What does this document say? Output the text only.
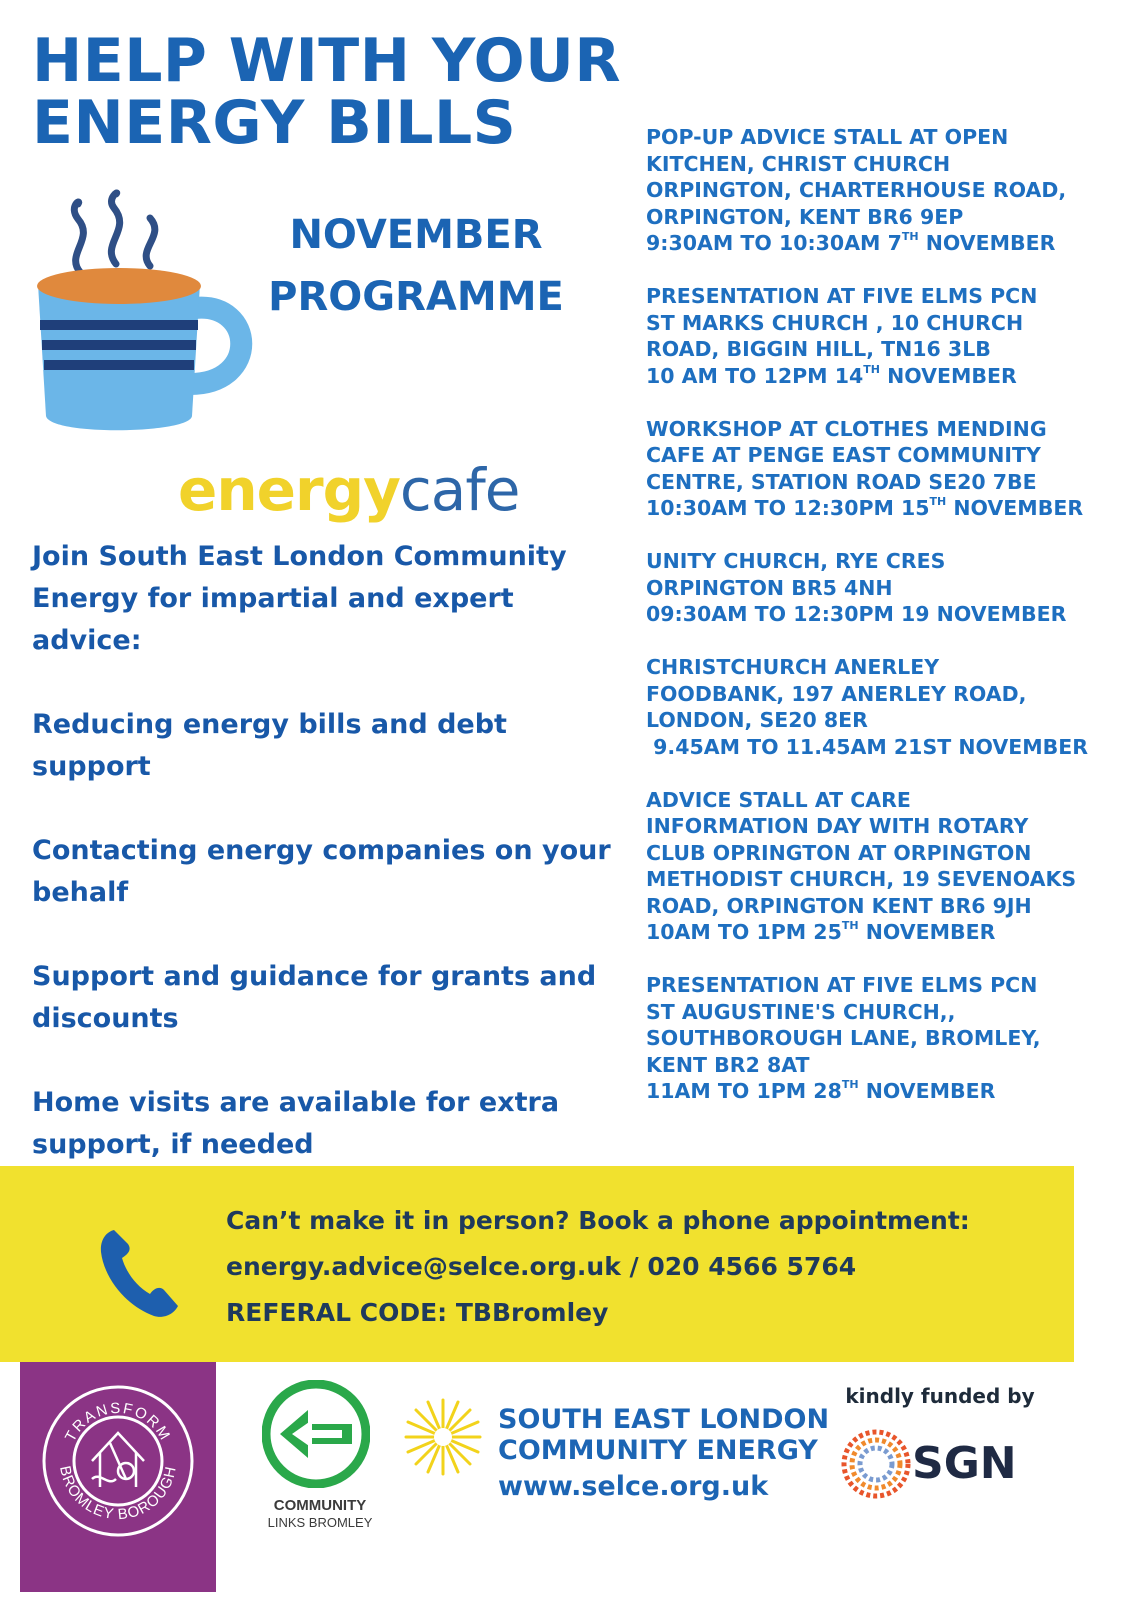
HELP WITH YOUR
ENERGY BILLS
NOVEMBER
PROGRAMME
energycafe
Join South East London Community Energy for impartial and expert advice:
Reducing energy bills and debt support
Contacting energy companies on your behalf
Support and guidance for grants and discounts
Home visits are available for extra support, if needed
POP-UP ADVICE STALL AT OPEN
KITCHEN, CHRIST CHURCH
ORPINGTON, CHARTERHOUSE ROAD,
ORPINGTON, KENT BR6 9EP
9:30AM TO 10:30AM 7TH NOVEMBER
PRESENTATION AT FIVE ELMS PCN
ST MARKS CHURCH , 10 CHURCH
ROAD, BIGGIN HILL, TN16 3LB
10 AM TO 12PM 14TH NOVEMBER
WORKSHOP AT CLOTHES MENDING
CAFE AT PENGE EAST COMMUNITY
CENTRE, STATION ROAD SE20 7BE
10:30AM TO 12:30PM 15TH NOVEMBER
UNITY CHURCH, RYE CRES
ORPINGTON BR5 4NH
09:30AM TO 12:30PM 19 NOVEMBER
CHRISTCHURCH ANERLEY
FOODBANK, 197 ANERLEY ROAD,
LONDON, SE20 8ER
9.45AM TO 11.45AM 21ST NOVEMBER
ADVICE STALL AT CARE
INFORMATION DAY WITH ROTARY
CLUB OPRINGTON AT ORPINGTON
METHODIST CHURCH, 19 SEVENOAKS
ROAD, ORPINGTON KENT BR6 9JH
10AM TO 1PM 25TH NOVEMBER
PRESENTATION AT FIVE ELMS PCN
ST AUGUSTINE'S CHURCH,,
SOUTHBOROUGH LANE, BROMLEY,
KENT BR2 8AT
11AM TO 1PM 28TH NOVEMBER
Can’t make it in person? Book a phone appointment:
energy.advice@selce.org.uk / 020 4566 5764
REFERAL CODE: TBBromley
TRANSFORM
BROMLEY BOROUGH
COMMUNITY
LINKS BROMLEY
SOUTH EAST LONDON
COMMUNITY ENERGY
www.selce.org.uk
kindly funded by
SGN
